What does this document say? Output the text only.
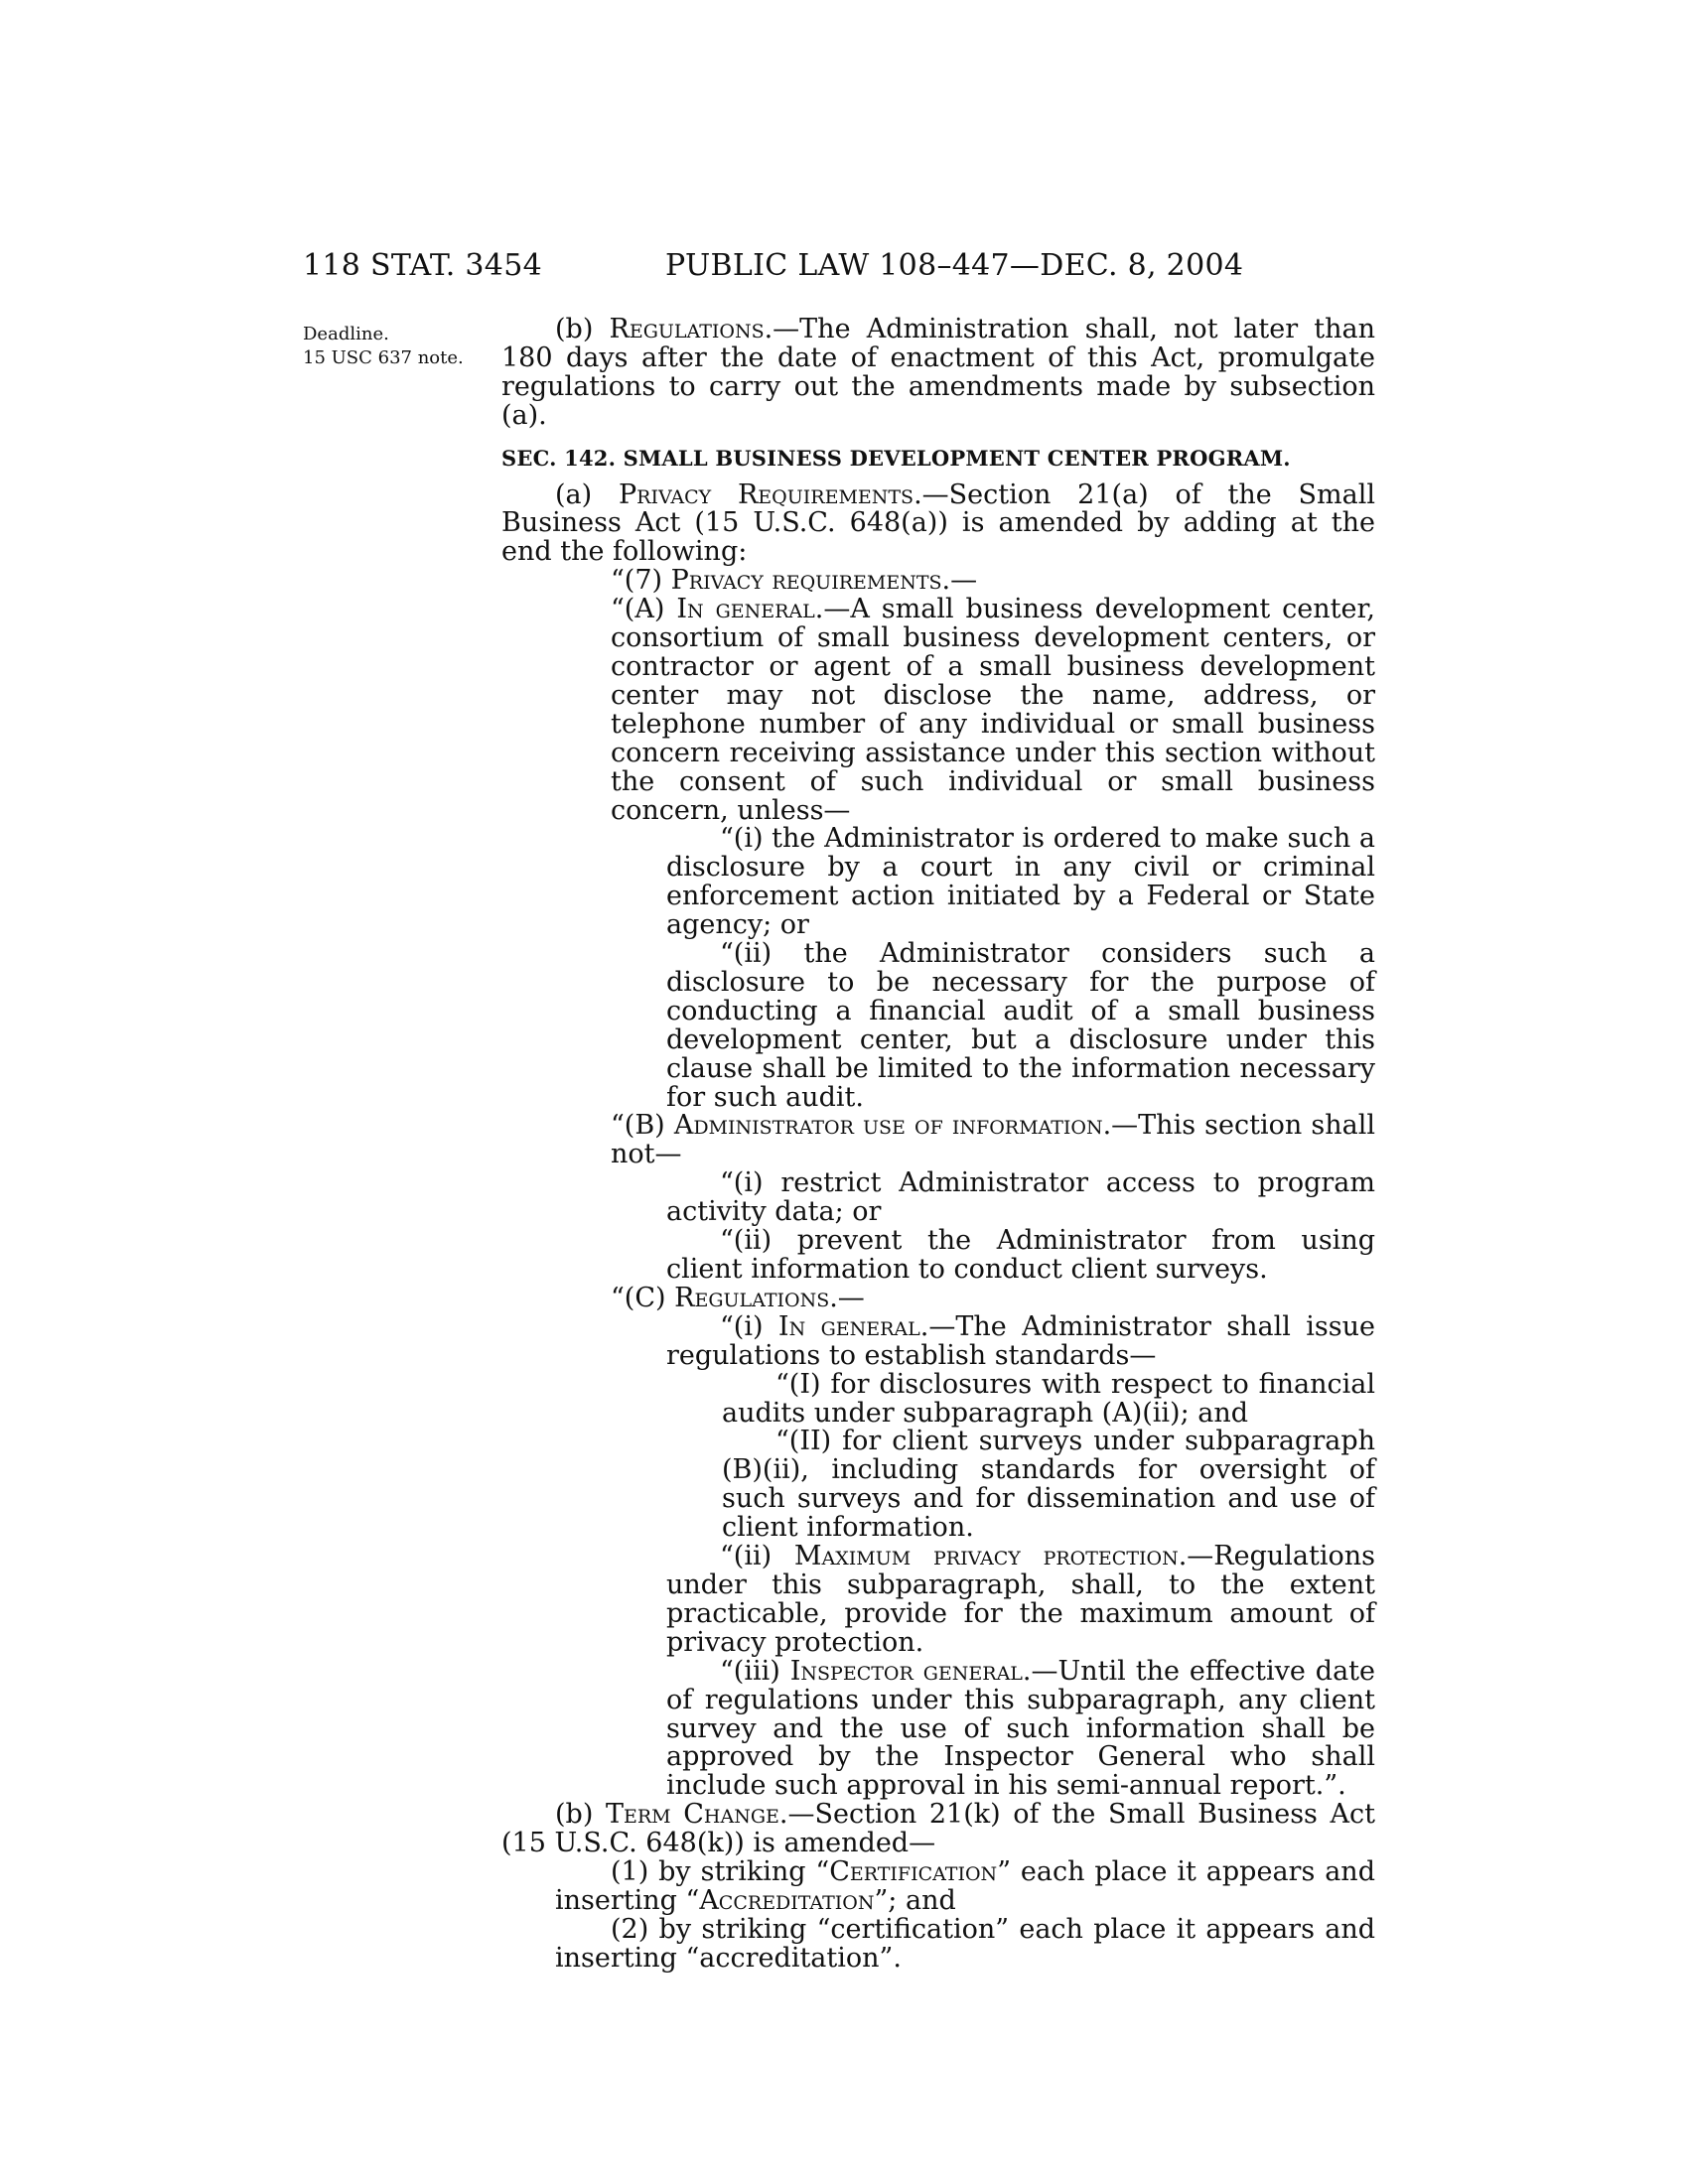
118 STAT. 3454	PUBLIC LAW 108–447—DEC. 8, 2004
Deadline.
15 USC 637 note.

(b) Regulations.—The Administration shall, not later than 180 days after the date of enactment of this Act, promulgate regulations to carry out the amendments made by subsection (a).

SEC. 142. SMALL BUSINESS DEVELOPMENT CENTER PROGRAM.

(a) Privacy Requirements.—Section 21(a) of the Small Business Act (15 U.S.C. 648(a)) is amended by adding at the end the following:

“(7) Privacy requirements.—

“(A) In general.—A small business development center, consortium of small business development centers, or contractor or agent of a small business development center may not disclose the name, address, or telephone number of any individual or small business concern receiving assistance under this section without the consent of such individual or small business concern, unless—

“(i) the Administrator is ordered to make such a disclosure by a court in any civil or criminal enforcement action initiated by a Federal or State agency; or

“(ii) the Administrator considers such a disclosure to be necessary for the purpose of conducting a financial audit of a small business development center, but a disclosure under this clause shall be limited to the information necessary for such audit.

“(B) Administrator use of information.—This section shall not—

“(i) restrict Administrator access to program activity data; or

“(ii) prevent the Administrator from using client information to conduct client surveys.

“(C) Regulations.—

“(i) In general.—The Administrator shall issue regulations to establish standards—

“(I) for disclosures with respect to financial audits under subparagraph (A)(ii); and

“(II) for client surveys under subparagraph (B)(ii), including standards for oversight of such surveys and for dissemination and use of client information.

“(ii) Maximum privacy protection.—Regulations under this subparagraph, shall, to the extent practicable, provide for the maximum amount of privacy protection.

“(iii) Inspector general.—Until the effective date of regulations under this subparagraph, any client survey and the use of such information shall be approved by the Inspector General who shall include such approval in his semi-annual report.”.

(b) Term Change.—Section 21(k) of the Small Business Act (15 U.S.C. 648(k)) is amended—

(1) by striking “Certification” each place it appears and inserting “Accreditation”; and

(2) by striking “certification” each place it appears and inserting “accreditation”.
